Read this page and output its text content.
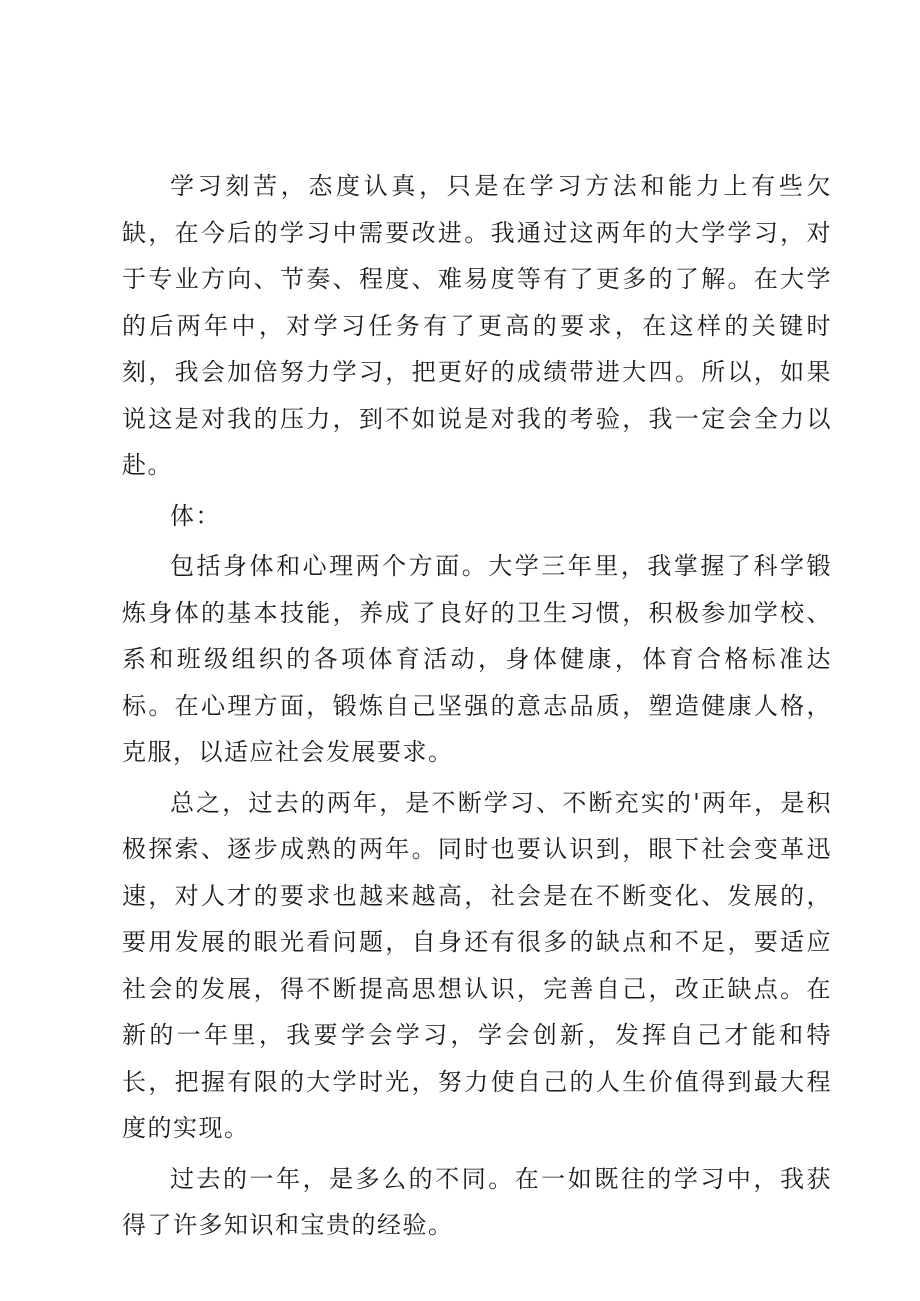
学习刻苦，态度认真，只是在学习方法和能力上有些欠缺，在今后的学习中需要改进。我通过这两年的大学学习，对于专业方向、节奏、程度、难易度等有了更多的了解。在大学的后两年中，对学习任务有了更高的要求，在这样的关键时刻，我会加倍努力学习，把更好的成绩带进大四。所以，如果说这是对我的压力，到不如说是对我的考验，我一定会全力以赴。

体：

包括身体和心理两个方面。大学三年里，我掌握了科学锻炼身体的基本技能，养成了良好的卫生习惯，积极参加学校、系和班级组织的各项体育活动，身体健康，体育合格标准达标。在心理方面，锻炼自己坚强的意志品质，塑造健康人格，克服，以适应社会发展要求。

总之，过去的两年，是不断学习、不断充实的'两年，是积极探索、逐步成熟的两年。同时也要认识到，眼下社会变革迅速，对人才的要求也越来越高，社会是在不断变化、发展的，要用发展的眼光看问题，自身还有很多的缺点和不足，要适应社会的发展，得不断提高思想认识，完善自己，改正缺点。在新的一年里，我要学会学习，学会创新，发挥自己才能和特长，把握有限的大学时光，努力使自己的人生价值得到最大程度的实现。

过去的一年，是多么的不同。在一如既往的学习中，我获得了许多知识和宝贵的经验。
